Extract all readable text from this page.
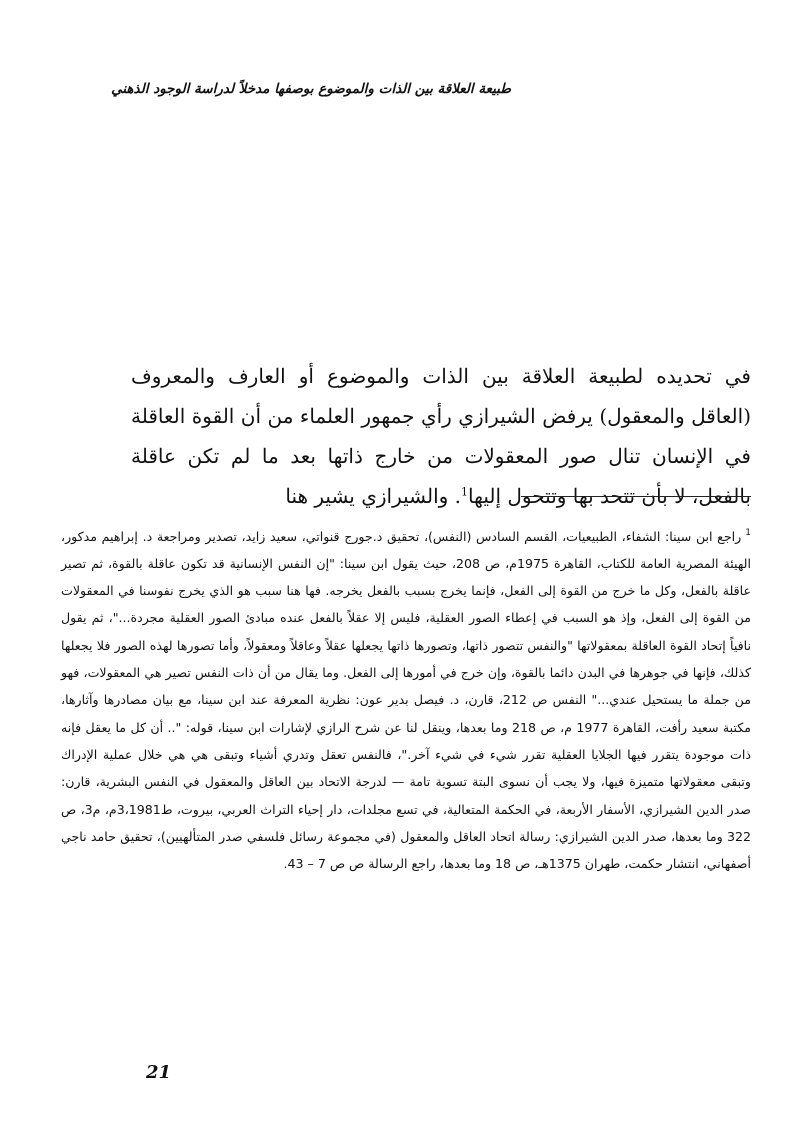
طبيعة العلاقة بين الذات والموضوع بوصفها مدخلاً لدراسة الوجود الذهني

في تحديده لطبيعة العلاقة بين الذات والموضوع أو العارف والمعروف (العاقل والمعقول) يرفض الشيرازي رأي جمهور العلماء من أن القوة العاقلة في الإنسان تنال صور المعقولات من خارج ذاتها بعد ما لم تكن عاقلة بالفعل، لا بأن تتحد بها وتتحول إليها$^1$. والشيرازي يشير هنا

$^1$راجع ابن سينا: الشفاء، الطبيعيات، القسم السادس (النفس)، تحقيق د.جورج قنواتي، سعيد زايد، تصدير ومراجعة د. إبراهيم مدكور، الهيئة المصرية العامة للكتاب، القاهرة 1975م، ص 208، حيث يقول ابن سينا: "إن النفس الإنسانية قد تكون عاقلة بالقوة، ثم تصير عاقلة بالفعل، وكل ما خرج من القوة إلى الفعل، فإنما يخرج بسبب بالفعل يخرجه. فها هنا سبب هو الذي يخرج نفوسنا في المعقولات من القوة إلى الفعل، وإذ هو السبب في إعطاء الصور العقلية، فليس إلا عقلاً بالفعل عنده مبادئ الصور العقلية مجردة..."، ثم يقول نافياً إتحاد القوة العاقلة بمعقولاتها "والنفس تتصور ذاتها، وتصورها ذاتها يجعلها عقلاً وعاقلاً ومعقولاً، وأما تصورها لهذه الصور فلا يجعلها كذلك، فإنها في جوهرها في البدن دائما بالقوة، وإن خرج في أمورها إلى الفعل. وما يقال من أن ذات النفس تصير هي المعقولات، فهو من جملة ما يستحيل عندي..." النفس ص 212، قارن، د. فيصل بدير عون: نظرية المعرفة عند ابن سينا، مع بيان مصادرها وآثارها، مكتبة سعيد رأفت، القاهرة 1977 م، ص 218 وما بعدها، وينقل لنا عن شرح الرازي لإشارات ابن سينا، قوله: ".. أن كل ما يعقل فإنه ذات موجودة يتقرر فيها الجلايا العقلية تقرر شيء في شيء آخر."، فالنفس تعقل وتدري أشياء وتبقى هي هي خلال عملية الإدراك وتبقى معقولاتها متميزة فيها، ولا يجب أن نسوى البتة تسوية تامة — لدرجة الاتحاد بين العاقل والمعقول في النفس البشرية، قارن: صدر الدين الشيرازي، الأسفار الأربعة، في الحكمة المتعالية، في تسع مجلدات، دار إحياء التراث العربي، بيروت، ط3،1981م، م3، ص 322 وما بعدها، صدر الدين الشيرازي: رسالة اتحاد العاقل والمعقول (في مجموعة رسائل فلسفي صدر المتألهيين)، تحقيق حامد ناجي أصفهاني، انتشار حكمت، طهران 1375هـ، ص 18 وما بعدها، راجع الرسالة ص ص 7 – 43.

21
